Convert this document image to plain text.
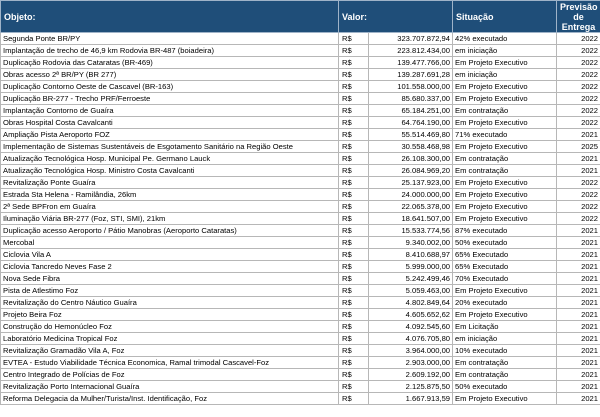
Objeto:	Valor:		Situação	Previsão de Entrega
Segunda Ponte BR/PY	R$	323.707.872,94	42% executado	2022
Implantação de trecho de 46,9 km Rodovia BR-487 (boiadeira)	R$	223.812.434,00	em iniciação	2022
Duplicação Rodovia das Cataratas (BR-469)	R$	139.477.766,00	Em Projeto Executivo	2022
Obras acesso 2ª BR/PY (BR 277)	R$	139.287.691,28	em iniciação	2022
Duplicação Contorno Oeste de Cascavel (BR-163)	R$	101.558.000,00	Em Projeto Executivo	2022
Duplicação BR-277 - Trecho PRF/Ferroeste	R$	85.680.337,00	Em Projeto Executivo	2022
Implantação Contorno de Guaíra	R$	65.184.251,00	Em contratação	2022
Obras Hospital Costa Cavalcanti	R$	64.764.190,00	Em Projeto Executivo	2022
Ampliação Pista Aeroporto FOZ	R$	55.514.469,80	71% executado	2021
Implementação de Sistemas Sustentáveis de Esgotamento Sanitário na Região Oeste	R$	30.558.468,98	Em Projeto Executivo	2025
Atualização Tecnológica Hosp. Municipal Pe. Germano Lauck	R$	26.108.300,00	Em contratação	2021
Atualização Tecnológica Hosp. Ministro Costa Cavalcanti	R$	26.084.969,20	Em contratação	2021
Revitalização Ponte Guaíra	R$	25.137.923,00	Em Projeto Executivo	2022
Estrada Sta Helena - Ramilândia, 26km	R$	24.000.000,00	Em Projeto Executivo	2022
2ª Sede BPFron em Guaíra	R$	22.065.378,00	Em Projeto Executivo	2022
Iluminação Viária BR-277 (Foz, STI, SMI), 21km	R$	18.641.507,00	Em Projeto Executivo	2022
Duplicação acesso Aeroporto / Pátio Manobras (Aeroporto Cataratas)	R$	15.533.774,56	87% executado	2021
Mercobal	R$	9.340.002,00	50% executado	2021
Ciclovia Vila A	R$	8.410.688,97	65% Executado	2021
Ciclovia Tancredo Neves Fase 2	R$	5.999.000,00	65% Executado	2021
Nova Sede Fibra	R$	5.242.499,46	70% Executado	2021
Pista de Atlestimo Foz	R$	5.059.463,00	Em Projeto Executivo	2021
Revitalização do Centro Náutico Guaíra	R$	4.802.849,64	20% executado	2021
Projeto Beira Foz	R$	4.605.652,62	Em Projeto Executivo	2021
Construção do Hemonúcleo Foz	R$	4.092.545,60	Em Licitação	2021
Laboratório Medicina Tropical Foz	R$	4.076.705,80	em iniciação	2021
Revitalização Gramadão Vila A, Foz	R$	3.964.000,00	10% executado	2021
EVTEA - Estudo Viabilidade Técnica Economica, Ramal trimodal Cascavel-Foz	R$	2.903.000,00	Em contratação	2021
Centro Integrado de Polícias de Foz	R$	2.609.192,00	Em contratação	2021
Revitalização Porto Internacional Guaíra	R$	2.125.875,50	50% executado	2021
Reforma Delegacia da Mulher/Turista/Inst. Identificação, Foz	R$	1.667.913,59	Em Projeto Executivo	2021
